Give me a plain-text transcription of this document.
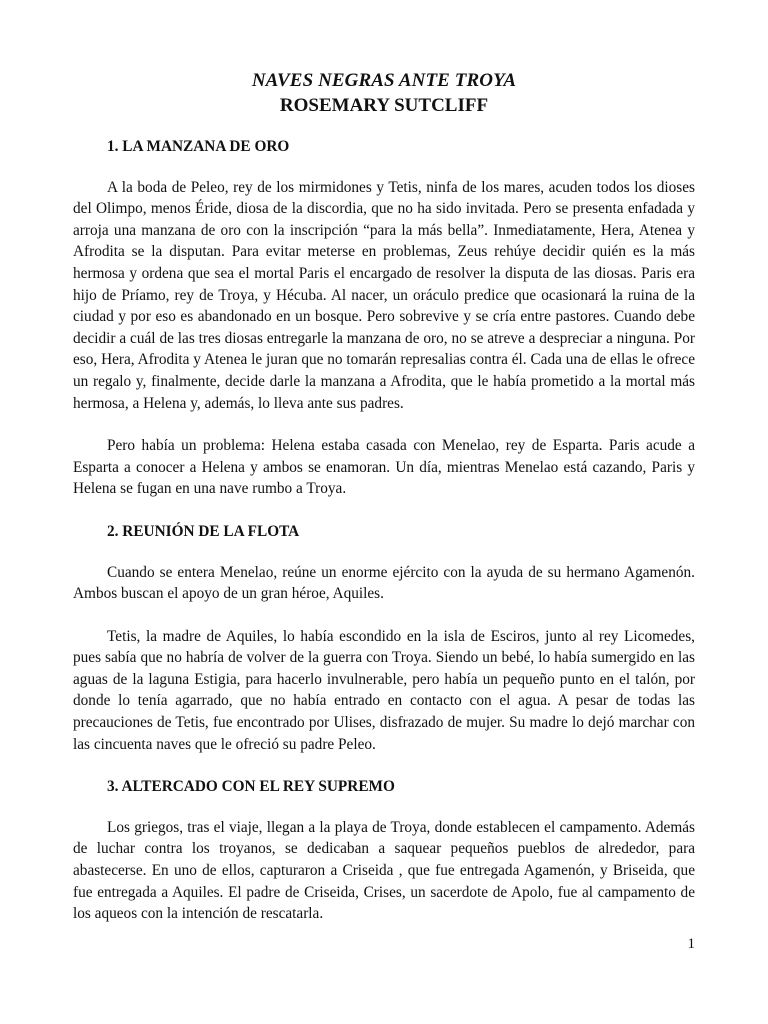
NAVES NEGRAS ANTE TROYA
ROSEMARY SUTCLIFF
1. LA MANZANA DE ORO

A la boda de Peleo, rey de los mirmidones y Tetis, ninfa de los mares, acuden todos los dioses del Olimpo, menos Éride, diosa de la discordia, que no ha sido invitada. Pero se presenta enfadada y arroja una manzana de oro con la inscripción “para la más bella”. Inmediatamente, Hera, Atenea y Afrodita se la disputan. Para evitar meterse en problemas, Zeus rehúye decidir quién es la más hermosa y ordena que sea el mortal Paris el encargado de resolver la disputa de las diosas. Paris era hijo de Príamo, rey de Troya, y Hécuba. Al nacer, un oráculo predice que ocasionará la ruina de la ciudad y por eso es abandonado en un bosque. Pero sobrevive y se cría entre pastores. Cuando debe decidir a cuál de las tres diosas entregarle la manzana de oro, no se atreve a despreciar a ninguna. Por eso, Hera, Afrodita y Atenea le juran que no tomarán represalias contra él. Cada una de ellas le ofrece un regalo y, finalmente, decide darle la manzana a Afrodita, que le había prometido a la mortal más hermosa, a Helena y, además, lo lleva ante sus padres.

Pero había un problema: Helena estaba casada con Menelao, rey de Esparta. Paris acude a Esparta a conocer a Helena y ambos se enamoran. Un día, mientras Menelao está cazando, Paris y Helena se fugan en una nave rumbo a Troya.

2. REUNIÓN DE LA FLOTA

Cuando se entera Menelao, reúne un enorme ejército con la ayuda de su hermano Agamenón. Ambos buscan el apoyo de un gran héroe, Aquiles.

Tetis, la madre de Aquiles, lo había escondido en la isla de Esciros, junto al rey Licomedes, pues sabía que no habría de volver de la guerra con Troya. Siendo un bebé, lo había sumergido en las aguas de la laguna Estigia, para hacerlo invulnerable, pero había un pequeño punto en el talón, por donde lo tenía agarrado, que no había entrado en contacto con el agua. A pesar de todas las precauciones de Tetis, fue encontrado por Ulises, disfrazado de mujer. Su madre lo dejó marchar con las cincuenta naves que le ofreció su padre Peleo.

3. ALTERCADO CON EL REY SUPREMO

Los griegos, tras el viaje, llegan a la playa de Troya, donde establecen el campamento. Además de luchar contra los troyanos, se dedicaban a saquear pequeños pueblos de alrededor, para abastecerse. En uno de ellos, capturaron a Criseida , que fue entregada Agamenón, y Briseida, que fue entregada a Aquiles. El padre de Criseida, Crises, un sacerdote de Apolo, fue al campamento de los aqueos con la intención de rescatarla.

1
